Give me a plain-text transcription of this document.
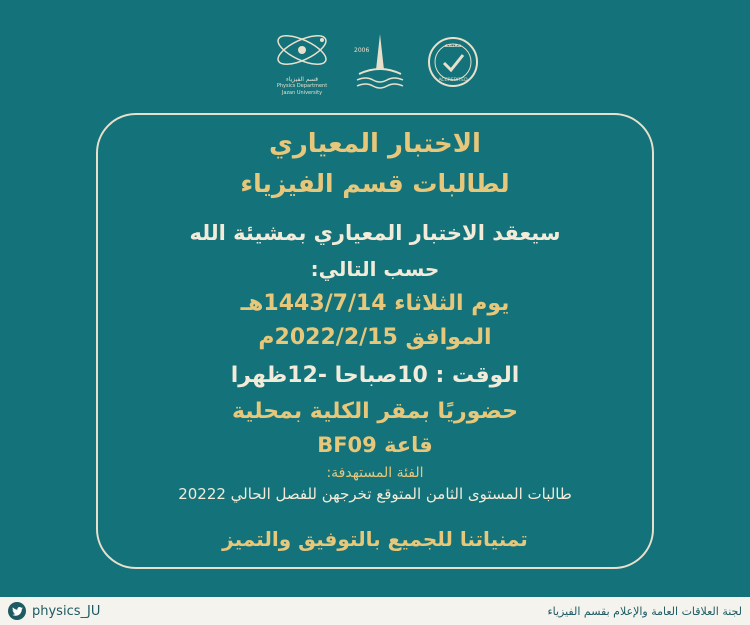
قسم الفيزياء
Physics Department
Jazan University
2006
معتمد
ACCREDITED
الاختبار المعياري
لطالبات قسم الفيزياء
سيعقد الاختبار المعياري بمشيئة الله
حسب التالي:
يوم الثلاثاء 1443/7/14هـ
الموافق 2022/2/15م
الوقت : 10صباحا -12ظهرا
حضوريًا بمقر الكلية بمحلية
قاعة BF09
الفئة المستهدفة:
طالبات المستوى الثامن المتوقع تخرجهن للفصل الحالي 20222
تمنياتنا للجميع بالتوفيق والتميز
physics_JU	لجنة العلاقات العامة والإعلام بقسم الفيزياء
